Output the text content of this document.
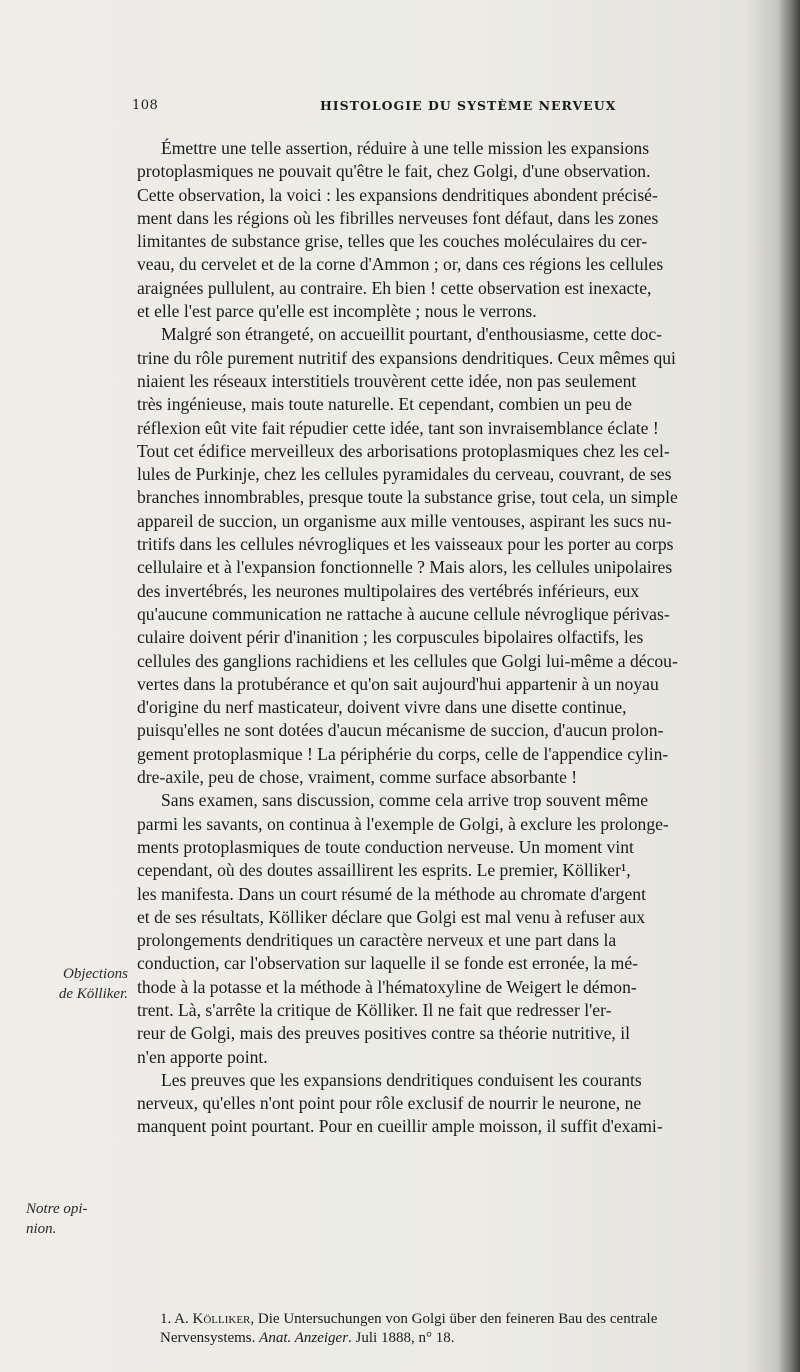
108	HISTOLOGIE DU SYSTÈME NERVEUX
Émettre une telle assertion, réduire à une telle mission les expansions
protoplasmiques ne pouvait qu'être le fait, chez Golgi, d'une observation.
Cette observation, la voici : les expansions dendritiques abondent précisé-
ment dans les régions où les fibrilles nerveuses font défaut, dans les zones
limitantes de substance grise, telles que les couches moléculaires du cer-
veau, du cervelet et de la corne d'Ammon ; or, dans ces régions les cellules
araignées pullulent, au contraire. Eh bien ! cette observation est inexacte,
et elle l'est parce qu'elle est incomplète ; nous le verrons.
Malgré son étrangeté, on accueillit pourtant, d'enthousiasme, cette doc-
trine du rôle purement nutritif des expansions dendritiques. Ceux mêmes qui
niaient les réseaux interstitiels trouvèrent cette idée, non pas seulement
très ingénieuse, mais toute naturelle. Et cependant, combien un peu de
réflexion eût vite fait répudier cette idée, tant son invraisemblance éclate !
Tout cet édifice merveilleux des arborisations protoplasmiques chez les cel-
lules de Purkinje, chez les cellules pyramidales du cerveau, couvrant, de ses
branches innombrables, presque toute la substance grise, tout cela, un simple
appareil de succion, un organisme aux mille ventouses, aspirant les sucs nu-
tritifs dans les cellules névrogliques et les vaisseaux pour les porter au corps
cellulaire et à l'expansion fonctionnelle ? Mais alors, les cellules unipolaires
des invertébrés, les neurones multipolaires des vertébrés inférieurs, eux
qu'aucune communication ne rattache à aucune cellule névroglique périvas-
culaire doivent périr d'inanition ; les corpuscules bipolaires olfactifs, les
cellules des ganglions rachidiens et les cellules que Golgi lui-même a décou-
vertes dans la protubérance et qu'on sait aujourd'hui appartenir à un noyau
d'origine du nerf masticateur, doivent vivre dans une disette continue,
puisqu'elles ne sont dotées d'aucun mécanisme de succion, d'aucun prolon-
gement protoplasmique ! La périphérie du corps, celle de l'appendice cylin-
dre-axile, peu de chose, vraiment, comme surface absorbante !
Sans examen, sans discussion, comme cela arrive trop souvent même
parmi les savants, on continua à l'exemple de Golgi, à exclure les prolonge-
ments protoplasmiques de toute conduction nerveuse. Un moment vint
cependant, où des doutes assaillirent les esprits. Le premier, Kölliker¹,
les manifesta. Dans un court résumé de la méthode au chromate d'argent
et de ses résultats, Kölliker déclare que Golgi est mal venu à refuser aux
prolongements dendritiques un caractère nerveux et une part dans la
conduction, car l'observation sur laquelle il se fonde est erronée, la mé-
thode à la potasse et la méthode à l'hématoxyline de Weigert le démon-
trent. Là, s'arrête la critique de Kölliker. Il ne fait que redresser l'er-
reur de Golgi, mais des preuves positives contre sa théorie nutritive, il
n'en apporte point.
Les preuves que les expansions dendritiques conduisent les courants
nerveux, qu'elles n'ont point pour rôle exclusif de nourrir le neurone, ne
manquent point pourtant. Pour en cueillir ample moisson, il suffit d'exami-
Objections
de Kölliker.
Notre opi-
nion.
1. A. Kölliker, Die Untersuchungen von Golgi über den feineren Bau des centrale
Nervensystems. Anat. Anzeiger. Juli 1888, n° 18.
